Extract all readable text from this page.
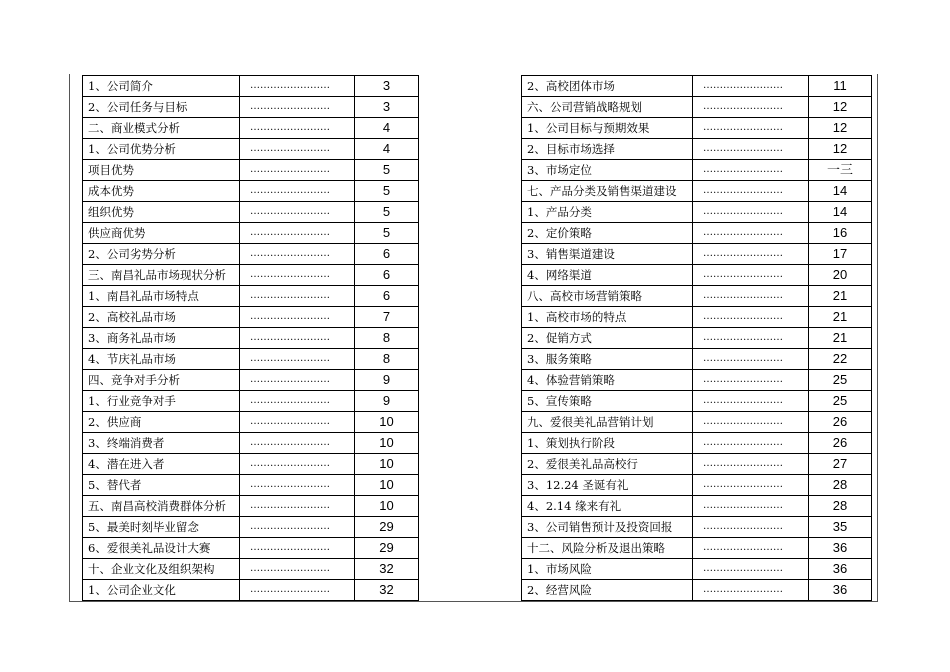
1、公司简介	……………………	3
2、公司任务与目标	……………………	3
二、商业模式分析	……………………	4
1、公司优势分析	……………………	4
项目优势	……………………	5
成本优势	……………………	5
组织优势	……………………	5
供应商优势	……………………	5
2、公司劣势分析	……………………	6
三、南昌礼品市场现状分析	……………………	6
1、南昌礼品市场特点	……………………	6
2、高校礼品市场	……………………	7
3、商务礼品市场	……………………	8
4、节庆礼品市场	……………………	8
四、竞争对手分析	……………………	9
1、行业竞争对手	……………………	9
2、供应商	……………………	10
3、终端消费者	……………………	10
4、潜在进入者	……………………	10
5、替代者	……………………	10
五、南昌高校消费群体分析	……………………	10
5、最美时刻毕业留念	……………………	29
6、爱很美礼品设计大赛	……………………	29
十、企业文化及组织架构	……………………	32
1、公司企业文化	……………………	32
2、高校团体市场	……………………	11
六、公司营销战略规划	……………………	12
1、公司目标与预期效果	……………………	12
2、目标市场选择	……………………	12
3、市场定位	……………………	一三
七、产品分类及销售渠道建设	……………………	14
1、产品分类	……………………	14
2、定价策略	……………………	16
3、销售渠道建设	……………………	17
4、网络渠道	……………………	20
八、高校市场营销策略	……………………	21
1、高校市场的特点	……………………	21
2、促销方式	……………………	21
3、服务策略	……………………	22
4、体验营销策略	……………………	25
5、宣传策略	……………………	25
九、爱很美礼品营销计划	……………………	26
1、策划执行阶段	……………………	26
2、爱很美礼品高校行	……………………	27
3、12.24 圣诞有礼	……………………	28
4、2.14 缘来有礼	……………………	28
3、公司销售预计及投资回报	……………………	35
十二、风险分析及退出策略	……………………	36
1、市场风险	……………………	36
2、经营风险	……………………	36
